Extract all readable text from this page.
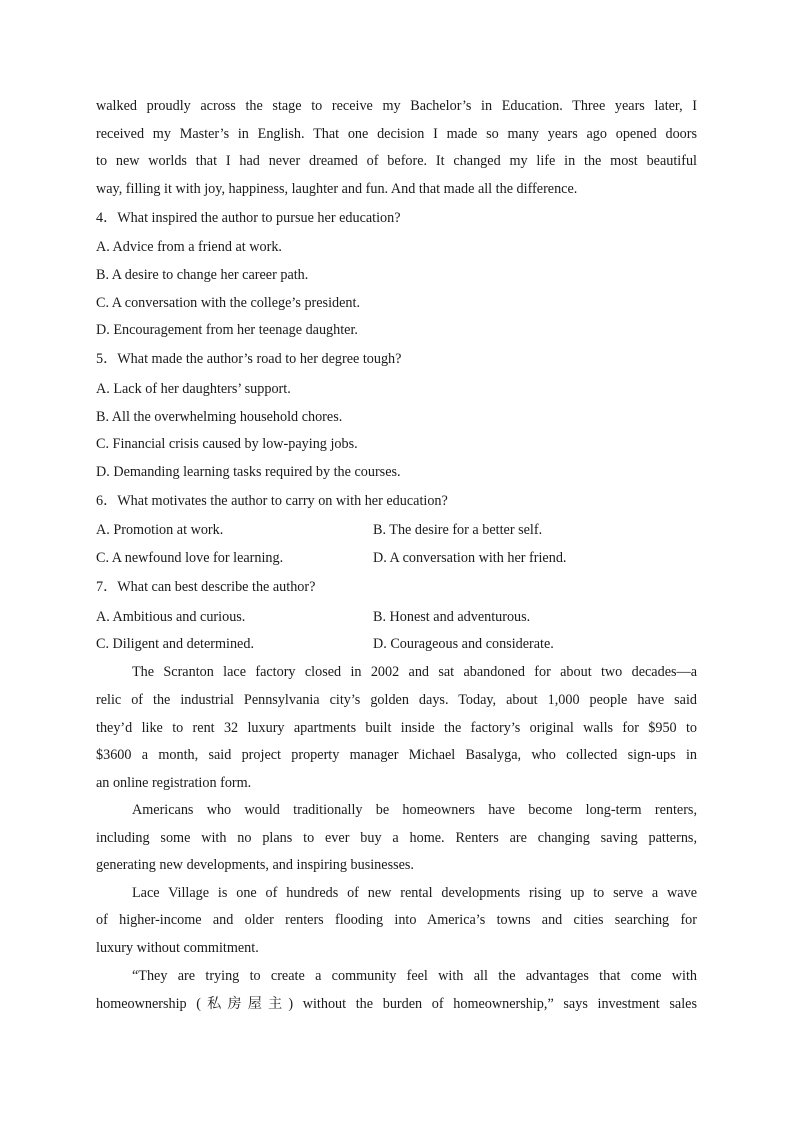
walked proudly across the stage to receive my Bachelor’s in Education. Three years later, I
received my Master’s in English. That one decision I made so many years ago opened doors
to new worlds that I had never dreamed of before. It changed my life in the most beautiful
way, filling it with joy, happiness, laughter and fun. And that made all the difference.
4．What inspired the author to pursue her education?
A. Advice from a friend at work.
B. A desire to change her career path.
C. A conversation with the college’s president.
D. Encouragement from her teenage daughter.
5．What made the author’s road to her degree tough?
A. Lack of her daughters’ support.
B. All the overwhelming household chores.
C. Financial crisis caused by low-paying jobs.
D. Demanding learning tasks required by the courses.
6．What motivates the author to carry on with her education?
A. Promotion at work.	B. The desire for a better self.
C. A newfound love for learning.	D. A conversation with her friend.
7．What can best describe the author?
A. Ambitious and curious.	B. Honest and adventurous.
C. Diligent and determined.	D. Courageous and considerate.
The Scranton lace factory closed in 2002 and sat abandoned for about two decades—a
relic of the industrial Pennsylvania city’s golden days. Today, about 1,000 people have said
they’d like to rent 32 luxury apartments built inside the factory’s original walls for $950 to
$3600 a month, said project property manager Michael Basalyga, who collected sign-ups in
an online registration form.
Americans who would traditionally be homeowners have become long-term renters,
including some with no plans to ever buy a home. Renters are changing saving patterns,
generating new developments, and inspiring businesses.
Lace Village is one of hundreds of new rental developments rising up to serve a wave
of higher-income and older renters flooding into America’s towns and cities searching for
luxury without commitment.
“They are trying to create a community feel with all the advantages that come with
homeownership (私房屋主) without the burden of homeownership,” says investment sales
